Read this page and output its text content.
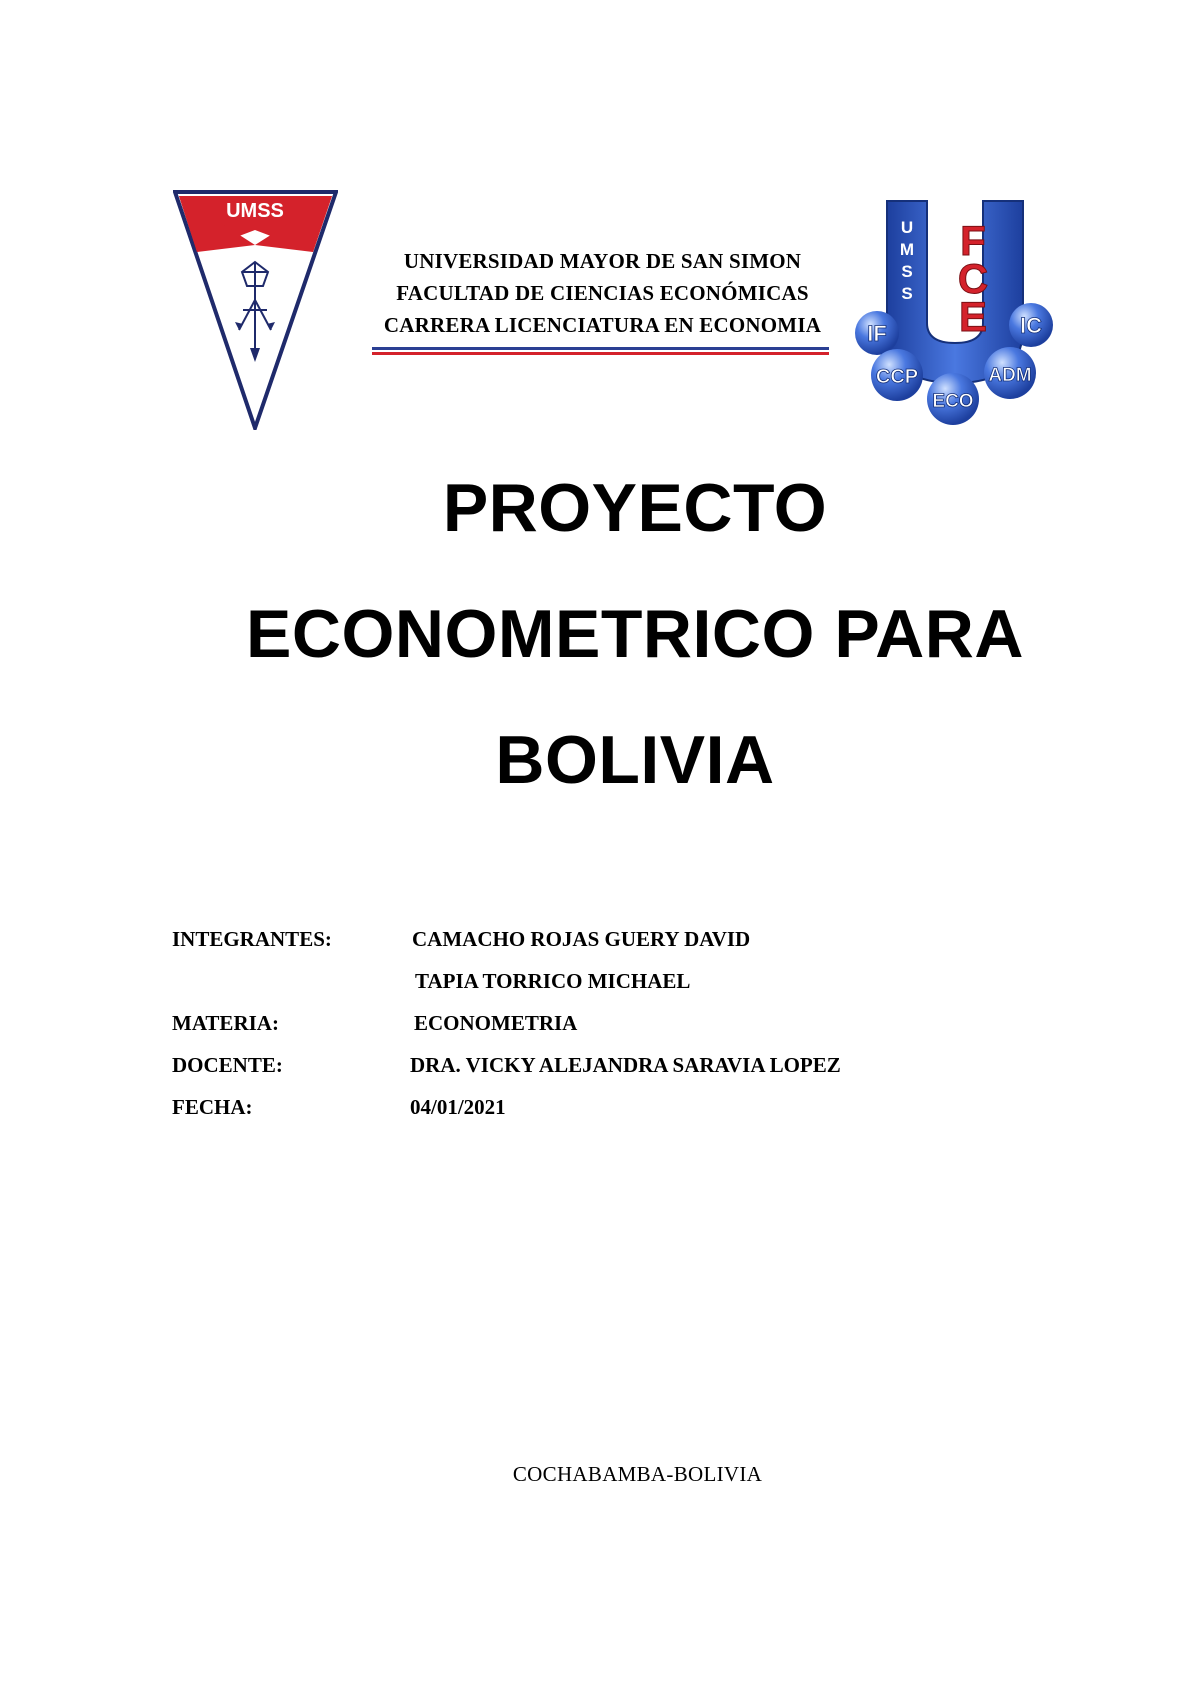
UMSS
UNIVERSIDAD MAYOR DE SAN SIMON
FACULTAD DE CIENCIAS ECONÓMICAS
CARRERA LICENCIATURA EN ECONOMIA
U
M
S
S
F
C
E
IF	IC
CCP	ADM
ECO
PROYECTO
ECONOMETRICO PARA
BOLIVIA
INTEGRANTES:	CAMACHO ROJAS GUERY DAVID
TAPIA TORRICO MICHAEL
MATERIA:	ECONOMETRIA
DOCENTE:	DRA. VICKY ALEJANDRA SARAVIA LOPEZ
FECHA:	04/01/2021
COCHABAMBA-BOLIVIA
